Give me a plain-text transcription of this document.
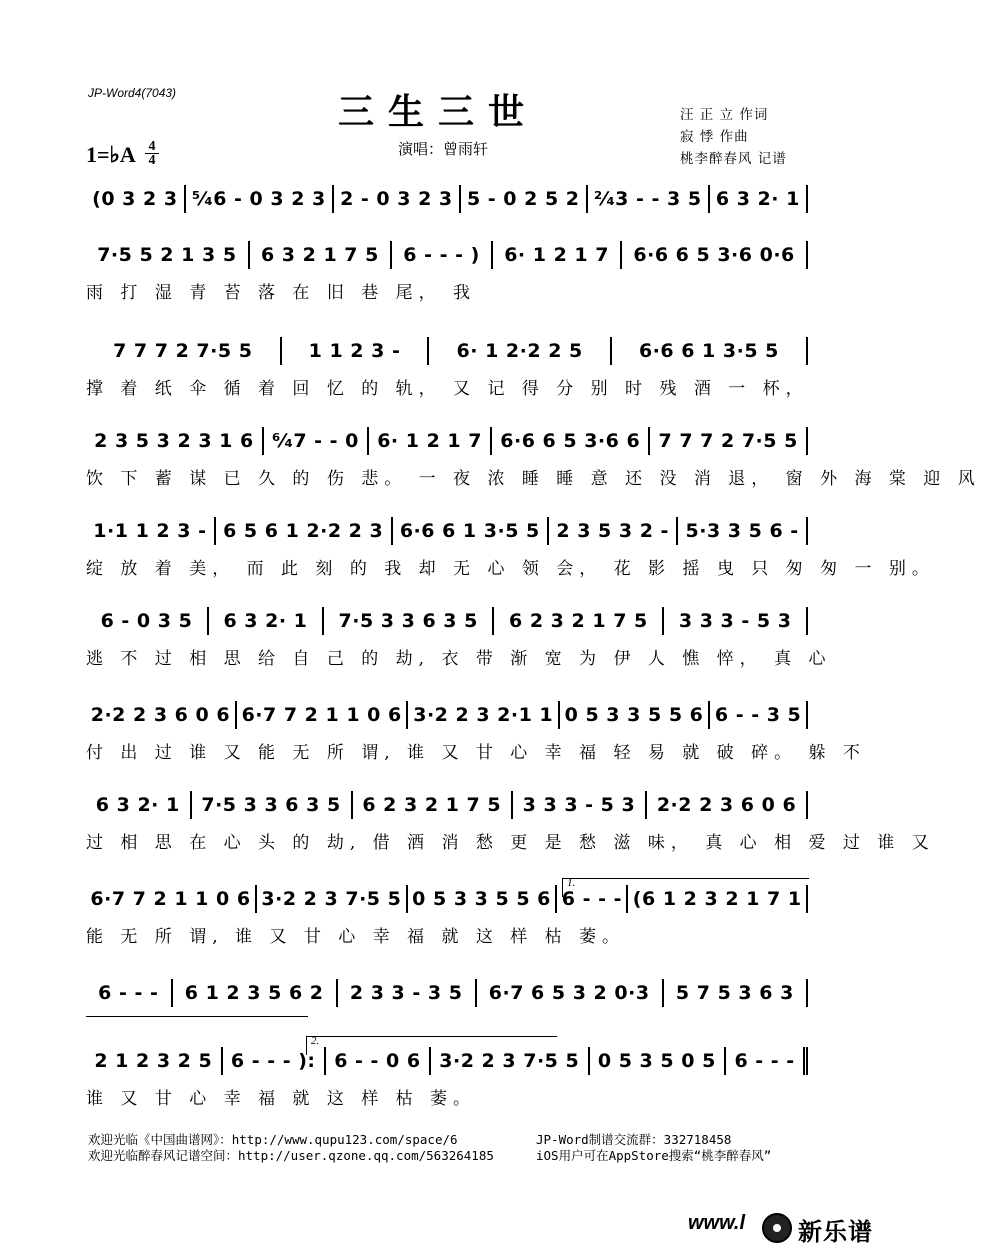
JP-Word4(7043)	三生三世
1=♭A 4
4
演唱：曾雨轩
汪 正 立 作词
寂 悸 作曲
桃李醉春风 记谱
(0 3 2 3 ⁵⁄₄6 - 0 3 2 3 2 - 0 3 2 3 5 - 0 2 5 2 ²⁄₄3 - - 3 5 6 3 2· 1
7·5 5 2 1 3 5	6 3 2 1 7 5	6 - - - )	6· 1 2 1 7	6·6 6 5 3·6 0·6
雨 打 湿 青 苔 落 在 旧 巷 尾， 我
7 7 7 2 7·5 5	1 1 2 3 -	6· 1 2·2 2 5	6·6 6 1 3·5 5
撑 着 纸 伞 循 着 回 忆 的 轨， 又 记 得 分 别 时 残 酒 一 杯，
2 3 5 3 2 3 1 6 ⁶⁄₄7 - - 0 6· 1 2 1 7 6·6 6 5 3·6 6 7 7 7 2 7·5 5
饮 下 蓄 谋 已 久 的 伤 悲。 一 夜 浓 睡 睡 意 还 没 消 退， 窗 外 海 棠 迎 风
1·1 1 2 3 - 6 5 6 1 2·2 2 3 6·6 6 1 3·5 5 2 3 5 3 2 - 5·3 3 5 6 -
绽 放 着 美， 而 此 刻 的 我 却 无 心 领 会， 花 影 摇 曳 只 匆 匆 一 别。
6 - 0 3 5	6 3 2· 1	7·5 3 3 6 3 5	6 2 3 2 1 7 5	3 3 3 - 5 3
逃 不 过 相 思 给 自 己 的 劫, 衣 带 渐 宽 为 伊 人 憔 悴， 真 心
2·2 2 3 6 0 6 6·7 7 2 1 1 0 6 3·2 2 3 2·1 1 0 5 3 3 5 5 6 6 - - 3 5
付 出 过 谁 又 能 无 所 谓, 谁 又 甘 心 幸 福 轻 易 就 破 碎。 躲 不
6 3 2· 1	7·5 3 3 6 3 5	6 2 3 2 1 7 5	3 3 3 - 5 3	2·2 2 3 6 0 6
过 相 思 在 心 头 的 劫, 借 酒 消 愁 更 是 愁 滋 味， 真 心 相 爱 过 谁 又
6·7 7 2 1 1 0 6 3·2 2 3 7·5 5 0 5 3 3 5 5 6 6 - - - (6 1 2 3 2 1 7 1
能 无 所 谓, 谁 又 甘 心 幸 福 就 这 样 枯 萎。
6 - - -	6 1 2 3 5 6 2	2 3 3 - 3 5	6·7 6 5 3 2 0·3	5 7 5 3 6 3
2 1 2 3 2 5 6 - - - ): 6 - - 0 6 3·2 2 3 7·5 5 0 5 3 5 0 5 6 - - -
谁 又 甘 心 幸 福 就 这 样 枯 萎。
1.
2.
欢迎光临《中国曲谱网》：http://www.qupu123.com/space/6
欢迎光临醉春风记谱空间：http://user.qzone.qq.com/563264185
JP-Word制谱交流群：332718458
iOS用户可在AppStore搜索“桃李醉春风”
www.l 新乐谱
